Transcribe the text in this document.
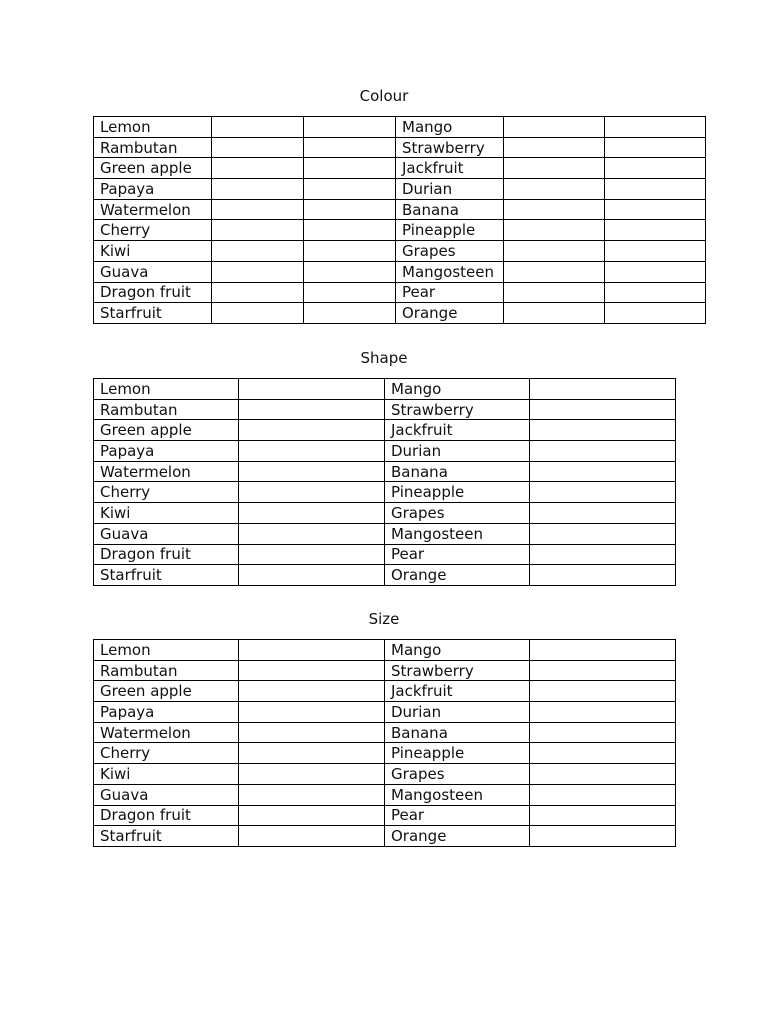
Colour
Lemon			Mango		
Rambutan			Strawberry		
Green apple			Jackfruit		
Papaya			Durian		
Watermelon			Banana		
Cherry			Pineapple		
Kiwi			Grapes		
Guava			Mangosteen		
Dragon fruit			Pear		
Starfruit			Orange		
Shape
Lemon		Mango	
Rambutan		Strawberry	
Green apple		Jackfruit	
Papaya		Durian	
Watermelon		Banana	
Cherry		Pineapple	
Kiwi		Grapes	
Guava		Mangosteen	
Dragon fruit		Pear	
Starfruit		Orange	
Size
Lemon		Mango	
Rambutan		Strawberry	
Green apple		Jackfruit	
Papaya		Durian	
Watermelon		Banana	
Cherry		Pineapple	
Kiwi		Grapes	
Guava		Mangosteen	
Dragon fruit		Pear	
Starfruit		Orange	
